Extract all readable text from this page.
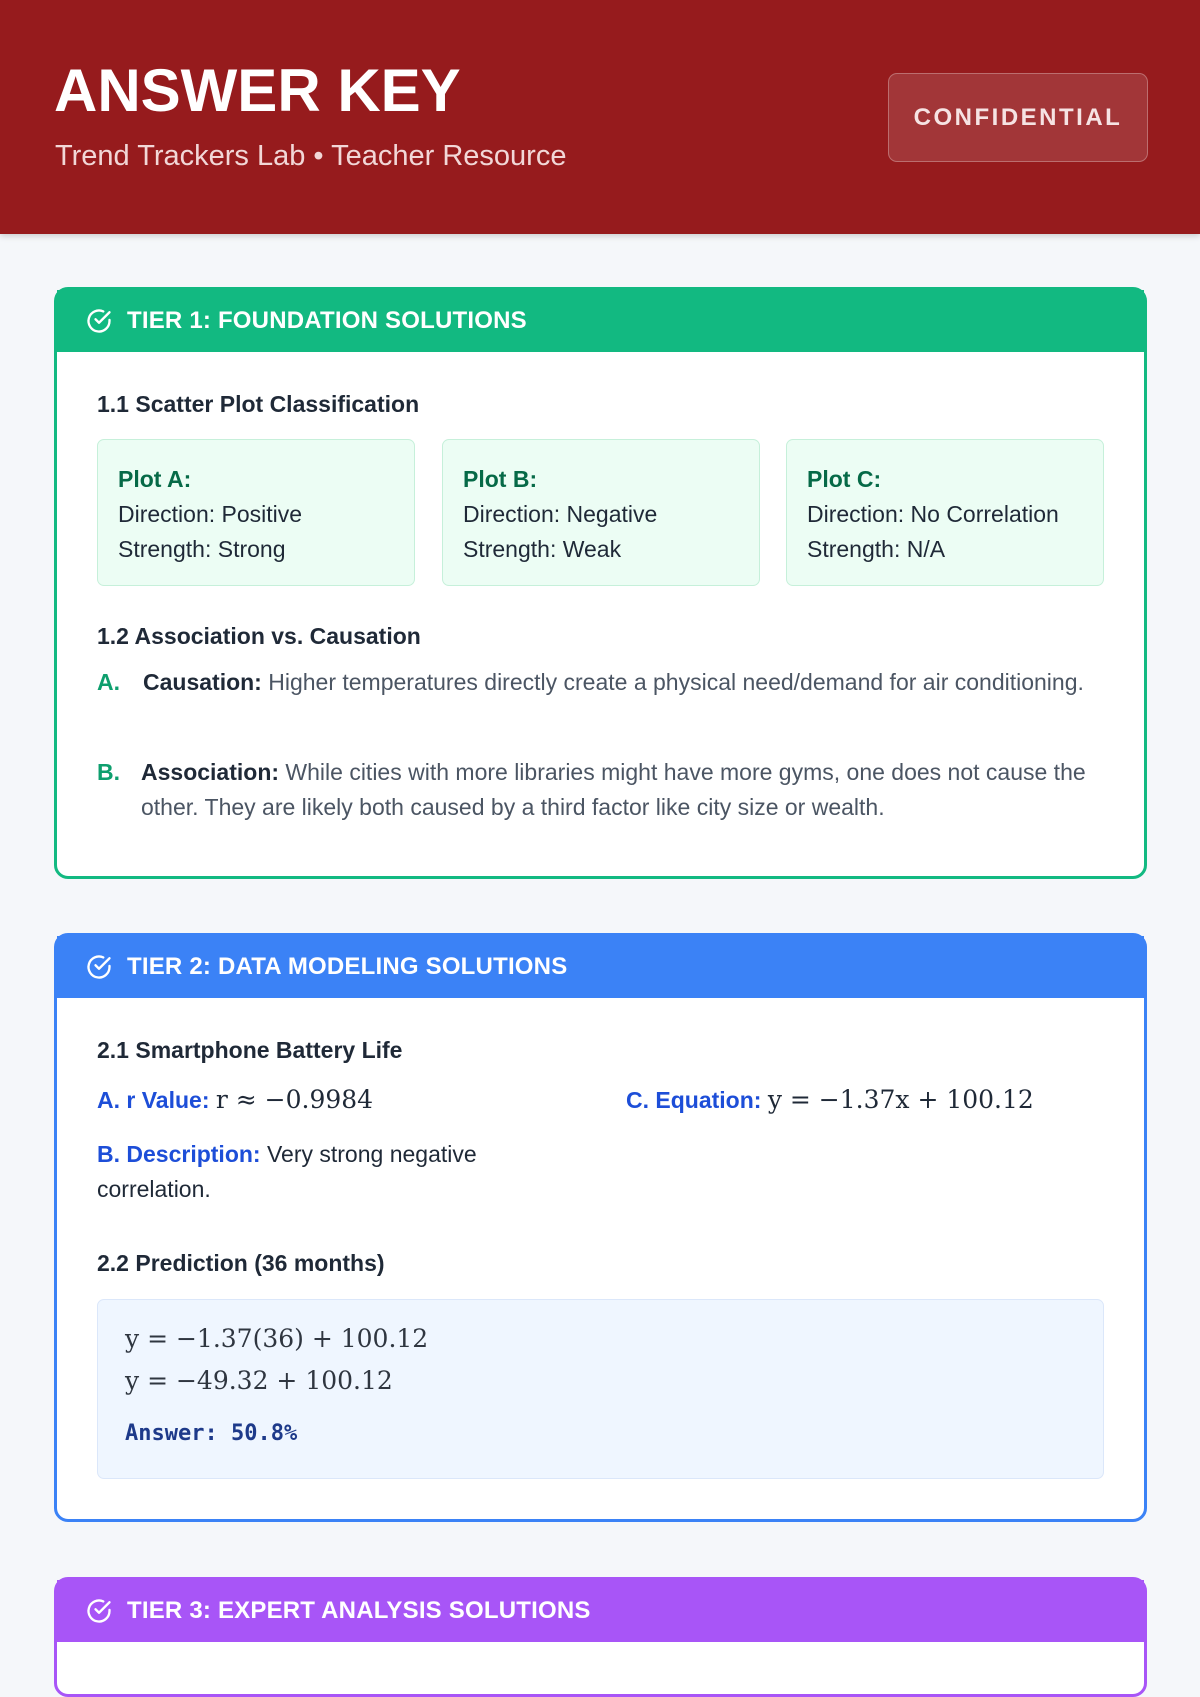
ANSWER KEY
Trend Trackers Lab • Teacher Resource
CONFIDENTIAL
TIER 1: FOUNDATION SOLUTIONS
1.1 Scatter Plot Classification
Plot A:
Direction: Positive
Strength: Strong
Plot B:
Direction: Negative
Strength: Weak
Plot C:
Direction: No Correlation
Strength: N/A
1.2 Association vs. Causation
A. Causation: Higher temperatures directly create a physical need/demand for air conditioning.
B. Association: While cities with more libraries might have more gyms, one does not cause the other. They are likely both caused by a third factor like city size or wealth.
TIER 2: DATA MODELING SOLUTIONS
2.1 Smartphone Battery Life
A. r Value: r ≈ −0.9984	C. Equation: y = −1.37x + 100.12
B. Description: Very strong negative correlation.
2.2 Prediction (36 months)
y = −1.37(36) + 100.12
y = −49.32 + 100.12
Answer: 50.8%
TIER 3: EXPERT ANALYSIS SOLUTIONS
